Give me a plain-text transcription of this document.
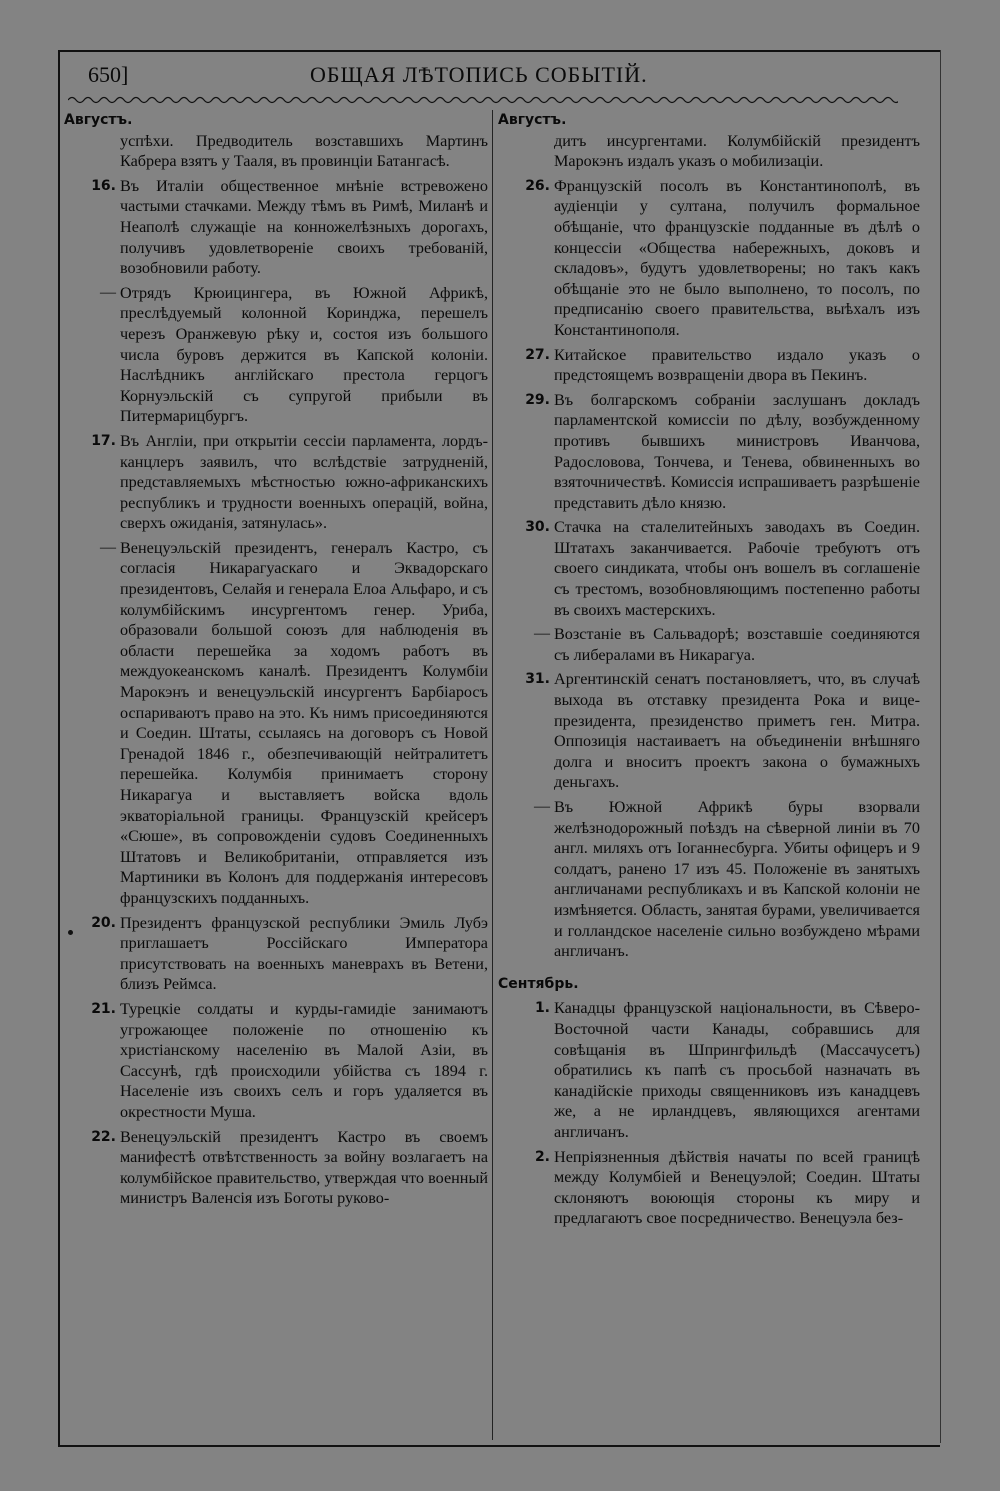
650]	ОБЩАЯ ЛѢТОПИСЬ СОБЫТІЙ.
Августъ.
успѣхи. Предводитель возставшихъ Мартинъ Кабрера взятъ у Тааля, въ провинціи Батангасѣ.
16. Въ Италіи общественное мнѣніе встревожено частыми стачками. Между тѣмъ въ Римѣ, Миланѣ и Неаполѣ служащіе на конножелѣзныхъ дорогахъ, получивъ удовлетвореніе своихъ требованій, возобновили работу.
— Отрядъ Крюицингера, въ Южной Африкѣ, преслѣдуемый колонной Коринджа, перешелъ черезъ Оранжевую рѣку и, состоя изъ большого числа буровъ держится въ Капской колоніи. Наслѣдникъ англійскаго престола герцогъ Корнуэльскій съ супругой прибыли въ Питермарицбургъ.
17. Въ Англіи, при открытіи сессіи парламента, лордъ-канцлеръ заявилъ, что вслѣдствіе затрудненій, представляемыхъ мѣстностью южно-африканскихъ республикъ и трудности военныхъ операцій, война, сверхъ ожиданія, затянулась».
— Венецуэльскій президентъ, генералъ Кастро, съ согласія Никарагуаскаго и Эквадорскаго президентовъ, Селайя и генерала Елоа Альфаро, и съ колумбійскимъ инсургентомъ генер. Уриба, образовали большой союзъ для наблюденія въ области перешейка за ходомъ работъ въ междуокеанскомъ каналѣ. Президентъ Колумбіи Марокэнъ и венецуэльскій инсургентъ Барбіаросъ оспариваютъ право на это. Къ нимъ присоединяются и Соедин. Штаты, ссылаясь на договоръ съ Новой Гренадой 1846 г., обезпечивающій нейтралитетъ перешейка. Колумбія принимаетъ сторону Никарагуа и выставляетъ войска вдоль экваторіальной границы. Французскій крейсеръ «Сюше», въ сопровожденіи судовъ Соединенныхъ Штатовъ и Великобританіи, отправляется изъ Мартиники въ Колонъ для поддержанія интересовъ французскихъ подданныхъ.
20. Президентъ французской республики Эмиль Лубэ приглашаетъ Россійскаго Императора присутствовать на военныхъ маневрахъ въ Ветени, близъ Реймса.
21. Турецкіе солдаты и курды-гамидіе занимаютъ угрожающее положеніе по отношенію къ христіанскому населенію въ Малой Азіи, въ Сассунѣ, гдѣ происходили убійства съ 1894 г. Населеніе изъ своихъ селъ и горъ удаляется въ окрестности Муша.
22. Венецуэльскій президентъ Кастро въ своемъ манифестѣ отвѣтственность за войну возлагаетъ на колумбійское правительство, утверждая что военный министръ Валенсія изъ Боготы руково-
Августъ.
дитъ инсургентами. Колумбійскій президентъ Марокэнъ издалъ указъ о мобилизаціи.
26. Французскій посолъ въ Константинополѣ, въ аудіенціи у султана, получилъ формальное обѣщаніе, что французскіе подданные въ дѣлѣ о концессіи «Общества набережныхъ, доковъ и складовъ», будутъ удовлетворены; но такъ какъ обѣщаніе это не было выполнено, то посолъ, по предписанію своего правительства, выѣхалъ изъ Константинополя.
27. Китайское правительство издало указъ о предстоящемъ возвращеніи двора въ Пекинъ.
29. Въ болгарскомъ собраніи заслушанъ докладъ парламентской комиссіи по дѣлу, возбужденному противъ бывшихъ министровъ Иванчова, Радословова, Тончева, и Тенева, обвиненныхъ во взяточничествѣ. Комиссія испрашиваетъ разрѣшеніе представить дѣло князю.
30. Стачка на сталелитейныхъ заводахъ въ Соедин. Штатахъ заканчивается. Рабочіе требуютъ отъ своего синдиката, чтобы онъ вошелъ въ соглашеніе съ трестомъ, возобновляющимъ постепенно работы въ своихъ мастерскихъ.
— Возстаніе въ Сальвадорѣ; возставшіе соединяются съ либералами въ Никарагуа.
31. Аргентинскій сенатъ постановляетъ, что, въ случаѣ выхода въ отставку президента Рока и вице-президента, президенство приметъ ген. Митра. Оппозиція настаиваетъ на объединеніи внѣшняго долга и вноситъ проектъ закона о бумажныхъ деньгахъ.
— Въ Южной Африкѣ буры взорвали желѣзнодорожный поѣздъ на сѣверной линіи въ 70 англ. миляхъ отъ Іоганнесбурга. Убиты офицеръ и 9 солдатъ, ранено 17 изъ 45. Положеніе въ занятыхъ англичанами республикахъ и въ Капской колоніи не измѣняется. Область, занятая бурами, увеличивается и голландское населеніе сильно возбуждено мѣрами англичанъ.
Сентябрь.
1. Канадцы французской національности, въ Сѣверо-Восточной части Канады, собравшись для совѣщанія въ Шпрингфильдѣ (Массачусетъ) обратились къ папѣ съ просьбой назначать въ канадійскіе приходы священниковъ изъ канадцевъ же, а не ирландцевъ, являющихся агентами англичанъ.
2. Непріязненныя дѣйствія начаты по всей границѣ между Колумбіей и Венецуэлой; Соедин. Штаты склоняютъ воюющія стороны къ миру и предлагаютъ свое посредничество. Венецуэла без-
